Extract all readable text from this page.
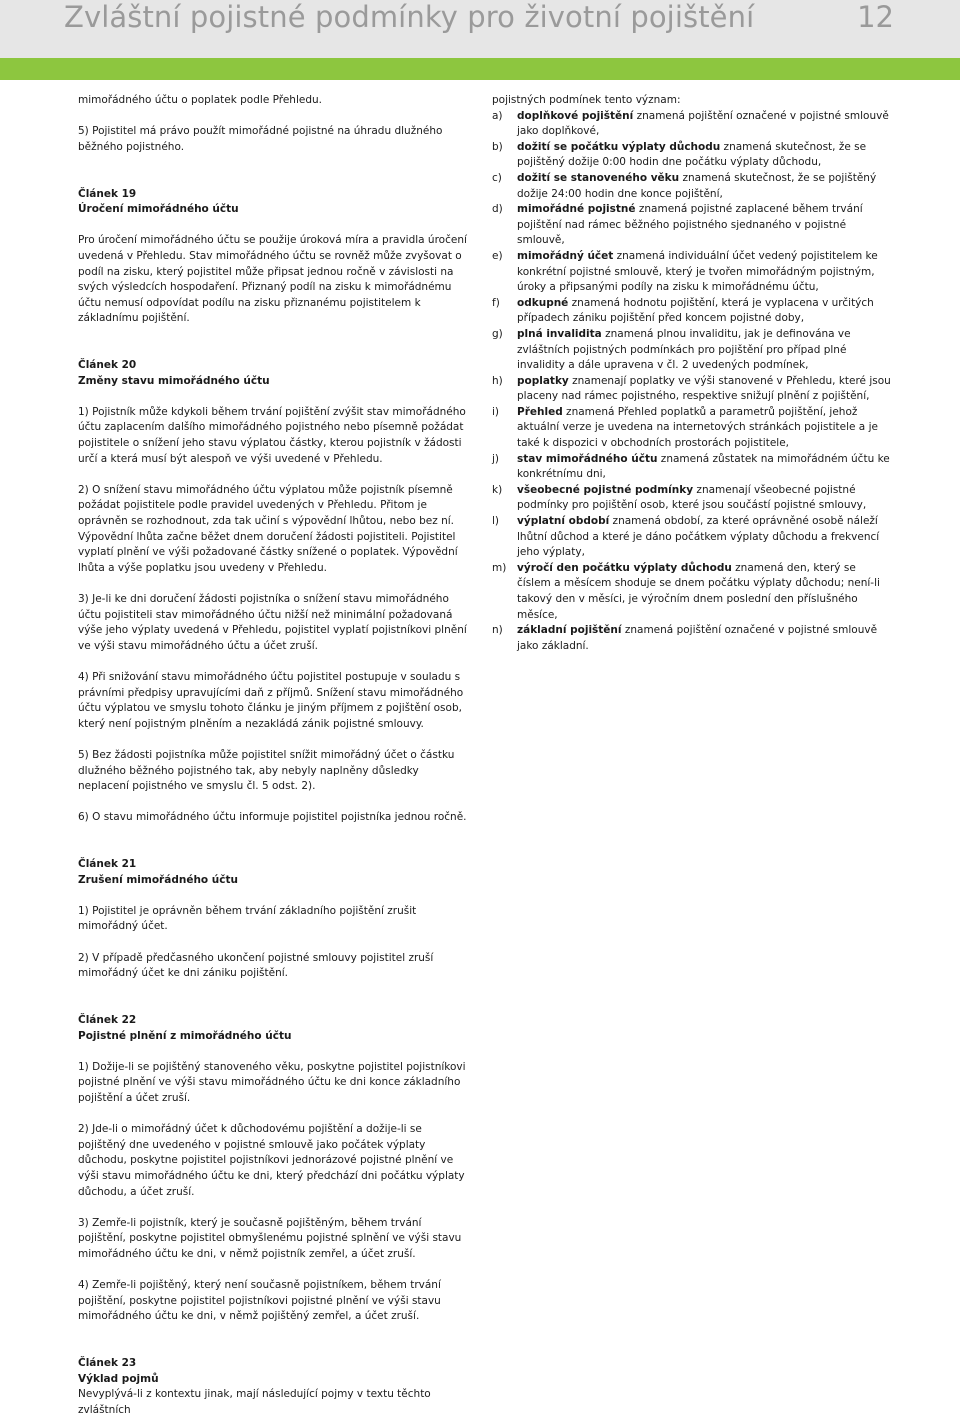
Zvláštní pojistné podmínky pro životní pojištění	12

mimořádného účtu o poplatek podle Přehledu.

5) Pojistitel má právo použít mimořádné pojistné na úhradu dlužného běžného pojistného.

Článek 19

Úročení mimořádného účtu

Pro úročení mimořádného účtu se použije úroková míra a pravidla úročení uvedená v Přehledu. Stav mimořádného účtu se rovněž může zvyšovat o podíl na zisku, který pojistitel může připsat jednou ročně v závislosti na svých výsledcích hospodaření. Přiznaný podíl na zisku k mimořádnému účtu nemusí odpovídat podílu na zisku přiznanému pojistitelem k základnímu pojištění.

Článek 20

Změny stavu mimořádného účtu

1) Pojistník může kdykoli během trvání pojištění zvýšit stav mimořádného účtu zaplacením dalšího mimořádného pojistného nebo písemně požádat pojistitele o snížení jeho stavu výplatou částky, kterou pojistník v žádosti určí a která musí být alespoň ve výši uvedené v Přehledu.

2) O snížení stavu mimořádného účtu výplatou může pojistník písemně požádat pojistitele podle pravidel uvedených v Přehledu. Přitom je oprávněn se rozhodnout, zda tak učiní s výpovědní lhůtou, nebo bez ní. Výpovědní lhůta začne běžet dnem doručení žádosti pojistiteli. Pojistitel vyplatí plnění ve výši požadované částky snížené o poplatek. Výpovědní lhůta a výše poplatku jsou uvedeny v Přehledu.

3) Je-li ke dni doručení žádosti pojistníka o snížení stavu mimořádného účtu pojistiteli stav mimořádného účtu nižší než minimální požadovaná výše jeho výplaty uvedená v Přehledu, pojistitel vyplatí pojistníkovi plnění ve výši stavu mimořádného účtu a účet zruší.

4) Při snižování stavu mimořádného účtu pojistitel postupuje v souladu s právními předpisy upravujícími daň z příjmů. Snížení stavu mimořádného účtu výplatou ve smyslu tohoto článku je jiným příjmem z pojištění osob, který není pojistným plněním a nezakládá zánik pojistné smlouvy.

5) Bez žádosti pojistníka může pojistitel snížit mimořádný účet o částku dlužného běžného pojistného tak, aby nebyly naplněny důsledky neplacení pojistného ve smyslu čl. 5 odst. 2).

6) O stavu mimořádného účtu informuje pojistitel pojistníka jednou ročně.

Článek 21

Zrušení mimořádného účtu

1) Pojistitel je oprávněn během trvání základního pojištění zrušit mimořádný účet.

2) V případě předčasného ukončení pojistné smlouvy pojistitel zruší mimořádný účet ke dni zániku pojištění.

Článek 22

Pojistné plnění z mimořádného účtu

1) Dožije-li se pojištěný stanoveného věku, poskytne pojistitel pojistníkovi pojistné plnění ve výši stavu mimořádného účtu ke dni konce základního pojištění a účet zruší.

2) Jde-li o mimořádný účet k důchodovému pojištění a dožije-li se pojištěný dne uvedeného v pojistné smlouvě jako počátek výplaty důchodu, poskytne pojistitel pojistníkovi jednorázové pojistné plnění ve výši stavu mimořádného účtu ke dni, který předchází dni počátku výplaty důchodu, a účet zruší.

3) Zemře-li pojistník, který je současně pojištěným, během trvání pojištění, poskytne pojistitel obmyšlenému pojistné splnění ve výši stavu mimořádného účtu ke dni, v němž pojistník zemřel, a účet zruší.

4) Zemře-li pojištěný, který není současně pojistníkem, během trvání pojištění, poskytne pojistitel pojistníkovi pojistné plnění ve výši stavu mimořádného účtu ke dni, v němž pojištěný zemřel, a účet zruší.

Článek 23

Výklad pojmů

Nevyplývá-li z kontextu jinak, mají následující pojmy v textu těchto zvláštních

pojistných podmínek tento význam:

a) doplňkové pojištění znamená pojištění označené v pojistné smlouvě jako doplňkové,
b) dožití se počátku výplaty důchodu znamená skutečnost, že se pojištěný dožije 0:00 hodin dne počátku výplaty důchodu,
c) dožití se stanoveného věku znamená skutečnost, že se pojištěný dožije 24:00 hodin dne konce pojištění,
d) mimořádné pojistné znamená pojistné zaplacené během trvání pojištění nad rámec běžného pojistného sjednaného v pojistné smlouvě,
e) mimořádný účet znamená individuální účet vedený pojistitelem ke konkrétní pojistné smlouvě, který je tvořen mimořádným pojistným, úroky a připsanými podíly na zisku k mimořádnému účtu,
f) odkupné znamená hodnotu pojištění, která je vyplacena v určitých případech zániku pojištění před koncem pojistné doby,
g) plná invalidita znamená plnou invaliditu, jak je definována ve zvláštních pojistných podmínkách pro pojištění pro případ plné invalidity a dále upravena v čl. 2 uvedených podmínek,
h) poplatky znamenají poplatky ve výši stanovené v Přehledu, které jsou placeny nad rámec pojistného, respektive snižují plnění z pojištění,
i) Přehled znamená Přehled poplatků a parametrů pojištění, jehož aktuální verze je uvedena na internetových stránkách pojistitele a je také k dispozici v obchodních prostorách pojistitele,
j) stav mimořádného účtu znamená zůstatek na mimořádném účtu ke konkrétnímu dni,
k) všeobecné pojistné podmínky znamenají všeobecné pojistné podmínky pro pojištění osob, které jsou součástí pojistné smlouvy,
l) výplatní období znamená období, za které oprávněné osobě náleží lhůtní důchod a které je dáno počátkem výplaty důchodu a frekvencí jeho výplaty,
m) výročí den počátku výplaty důchodu znamená den, který se číslem a měsícem shoduje se dnem počátku výplaty důchodu; není-li takový den v měsíci, je výročním dnem poslední den příslušného měsíce,
n) základní pojištění znamená pojištění označené v pojistné smlouvě jako základní.
